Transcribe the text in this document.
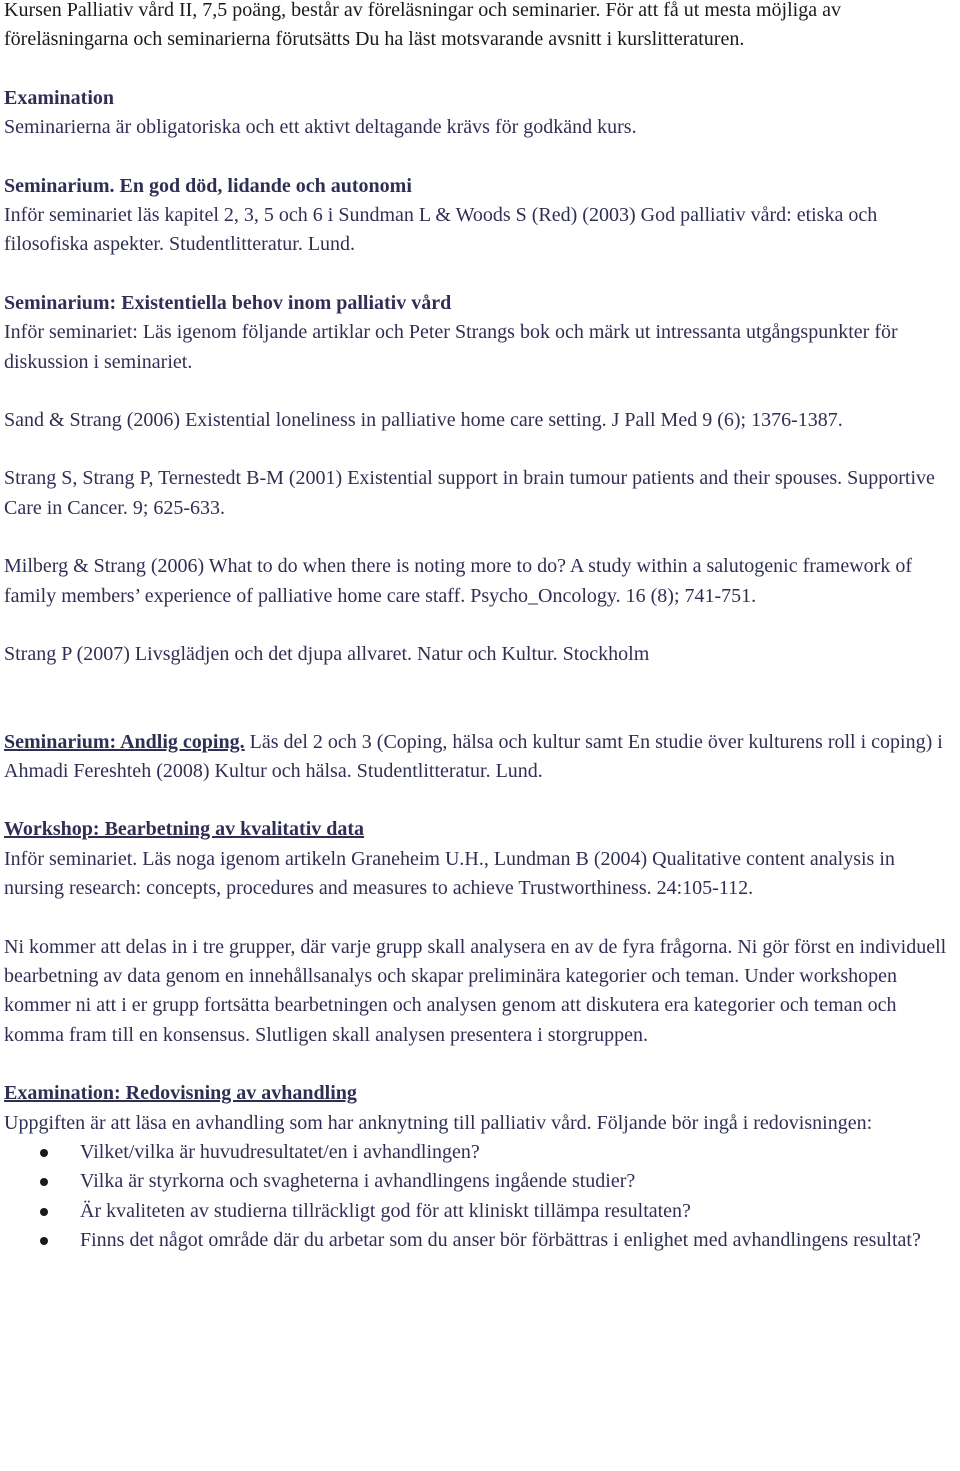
Kursen Palliativ vård II, 7,5 poäng, består av föreläsningar och seminarier. För att få ut mesta möjliga av föreläsningarna och seminarierna förutsätts Du ha läst motsvarande avsnitt i kurslitteraturen.

Examination

Seminarierna är obligatoriska och ett aktivt deltagande krävs för godkänd kurs.

Seminarium. En god död, lidande och autonomi

Inför seminariet läs kapitel 2, 3, 5 och 6 i Sundman L & Woods S (Red) (2003) God palliativ vård: etiska och filosofiska aspekter. Studentlitteratur. Lund.

Seminarium: Existentiella behov inom palliativ vård

Inför seminariet: Läs igenom följande artiklar och Peter Strangs bok och märk ut intressanta utgångspunkter för diskussion i seminariet.

Sand & Strang (2006) Existential loneliness in palliative home care setting. J Pall Med 9 (6); 1376-1387.

Strang S, Strang P, Ternestedt B-M (2001) Existential support in brain tumour patients and their spouses. Supportive Care in Cancer. 9; 625-633.

Milberg & Strang (2006) What to do when there is noting more to do? A study within a salutogenic framework of family members’ experience of palliative home care staff. Psycho_Oncology. 16 (8); 741-751.

Strang P (2007) Livsglädjen och det djupa allvaret. Natur och Kultur. Stockholm

Seminarium: Andlig coping. Läs del 2 och 3 (Coping, hälsa och kultur samt En studie över kulturens roll i coping) i Ahmadi Fereshteh (2008) Kultur och hälsa. Studentlitteratur. Lund.

Workshop: Bearbetning av kvalitativ data

Inför seminariet. Läs noga igenom artikeln Graneheim U.H., Lundman B (2004) Qualitative content analysis in nursing research: concepts, procedures and measures to achieve Trustworthiness. 24:105-112.

Ni kommer att delas in i tre grupper, där varje grupp skall analysera en av de fyra frågorna. Ni gör först en individuell bearbetning av data genom en innehållsanalys och skapar preliminära kategorier och teman. Under workshopen kommer ni att i er grupp fortsätta bearbetningen och analysen genom att diskutera era kategorier och teman och komma fram till en konsensus. Slutligen skall analysen presentera i storgruppen.

Examination: Redovisning av avhandling

Uppgiften är att läsa en avhandling som har anknytning till palliativ vård. Följande bör ingå i redovisningen:

Vilket/vilka är huvudresultatet/en i avhandlingen?
Vilka är styrkorna och svagheterna i avhandlingens ingående studier?
Är kvaliteten av studierna tillräckligt god för att kliniskt tillämpa resultaten?
Finns det något område där du arbetar som du anser bör förbättras i enlighet med avhandlingens resultat?
